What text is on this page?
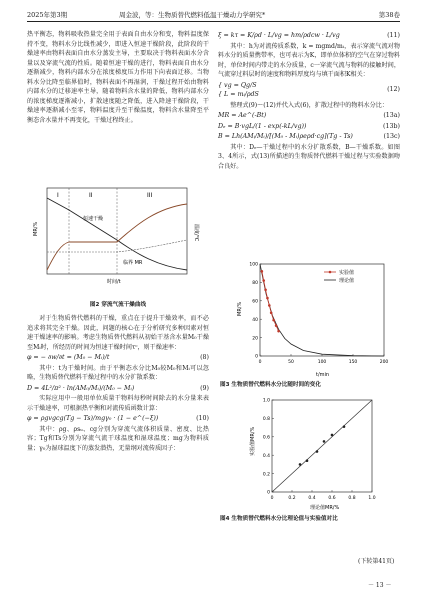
2025年第3期	周金波，等：生物质替代燃料低温干燥动力学研究*	第38卷

热平衡态，物料吸收热量完全用于表面自由水分和变，物料温度保持不变，物料水分比线性减少，即进入恒速干燥阶段，此阶段的干燥速率由物料表面自由水分蒸发主导，主要取决于物料表面水分含量以及穿流气流的性质。随着恒速干燥的进行，物料表面自由水分逐渐减少，物料内部水分在浓度梯度压力作用下向表面迁移。当物料水分比降至临界值时，物料表面不再湿润，干燥过程开始由物料内部水分的迁移速率主导，随着物料含水量的降低，物料内部水分的浓度梯度逐渐减小，扩散速度随之降低，进入降速干燥阶段，干燥速率逐渐减小至零，物料温度升至干燥温度，物料含水量降至平衡态含水量并不再变化，干燥过程终止。

I	II	III
恒速干燥
临界 MR
MR/%	温度/℃
时间/t
图2 穿流气流干燥曲线

对于生物质替代燃料的干燥，重点在于提升干燥效率，而不必追求将其完全干燥。因此，问题的核心在于分析研究多种因素对恒速干燥速率的影响。考虑生物质替代燃料从初始干基含水量M₀干燥至Mᵢ时，所经历的时间为恒速干燥时间τᶜ，则干燥速率：

φ = − ∂w/∂t = (M₀ − Mᵢ)/t	(8)

其中：t为干燥时间。由于平衡态水分比M₀较M₀和Mᵢ可以忽略，生物质替代燃料干燥过程中的水分扩散系数：

D = 4L²/π² · ln(AM₀/Mᵢ)/(M₀ − Mᵢ)	(9)

实际应用中一般用单位质量干物料每秒时间除去的水分量来表示干燥速率，可根据热平衡和对流传质函数计算：

φ = ρgvgcg(Tg − Ts)/mgγ₀ · (1 − e^(−ξ))	(10)

其中：ρg、ρsᵤ、cg分别为穿流气流体积质量、密度、比热容；Tg和Ts分别为穿流气流干球温度和湿球温度；mg为物料质量；γ₀为湿球温度下的蒸发潜热，无量纲对流传质因子：

ξ = kτ = K/ρd · L/vg = hm/ρdcw · L/vg	(11)

其中：h为对流传质系数，k = mgmd/mᵢ，表示穿流气流对物料水分的质量携带率，也可表示为K，即单位体积的空气在穿过物料时，单位时间内带走的水分质量，c一穿流气流与物料的接触时间，气流穿过料层时的速度和物料厚度均与填干面积K相关：

{ vg = Qg/S
{ L = mᵢ/ρdS
(12)

整理式(9)～(12)并代入式(6)，扩散过程中的物料水分比：

MR = Ae^(-Bt)	(13a)
Dₑ = B·vgL/(1 - exp(-kL/vg))	(13b)
B = Lh(AMᵢ/Mᵢ)/[(M₀ - Mᵢ)ρeρd·cg](Tg - Ts)	(13c)

其中：Dₑ—干燥过程中的水分扩散系数，B—干燥系数。如图3、4所示，式(13)所描述的生物质替代燃料干燥过程与实验数据吻合良好。

0
20
40
60
80
100
0	50	100	150	200
实验值
理论值
MR/%
t/min
图3 生物质替代燃料水分比随时间的变化
0
0
0.2
0.2
0.4
0.4
0.6
0.6
0.8
0.8
1.0
1.0
实验值MR/%
理论值MR/%
图4 生物质替代燃料水分比理论值与实验值对比
(下转第41页)
－ 13 －
